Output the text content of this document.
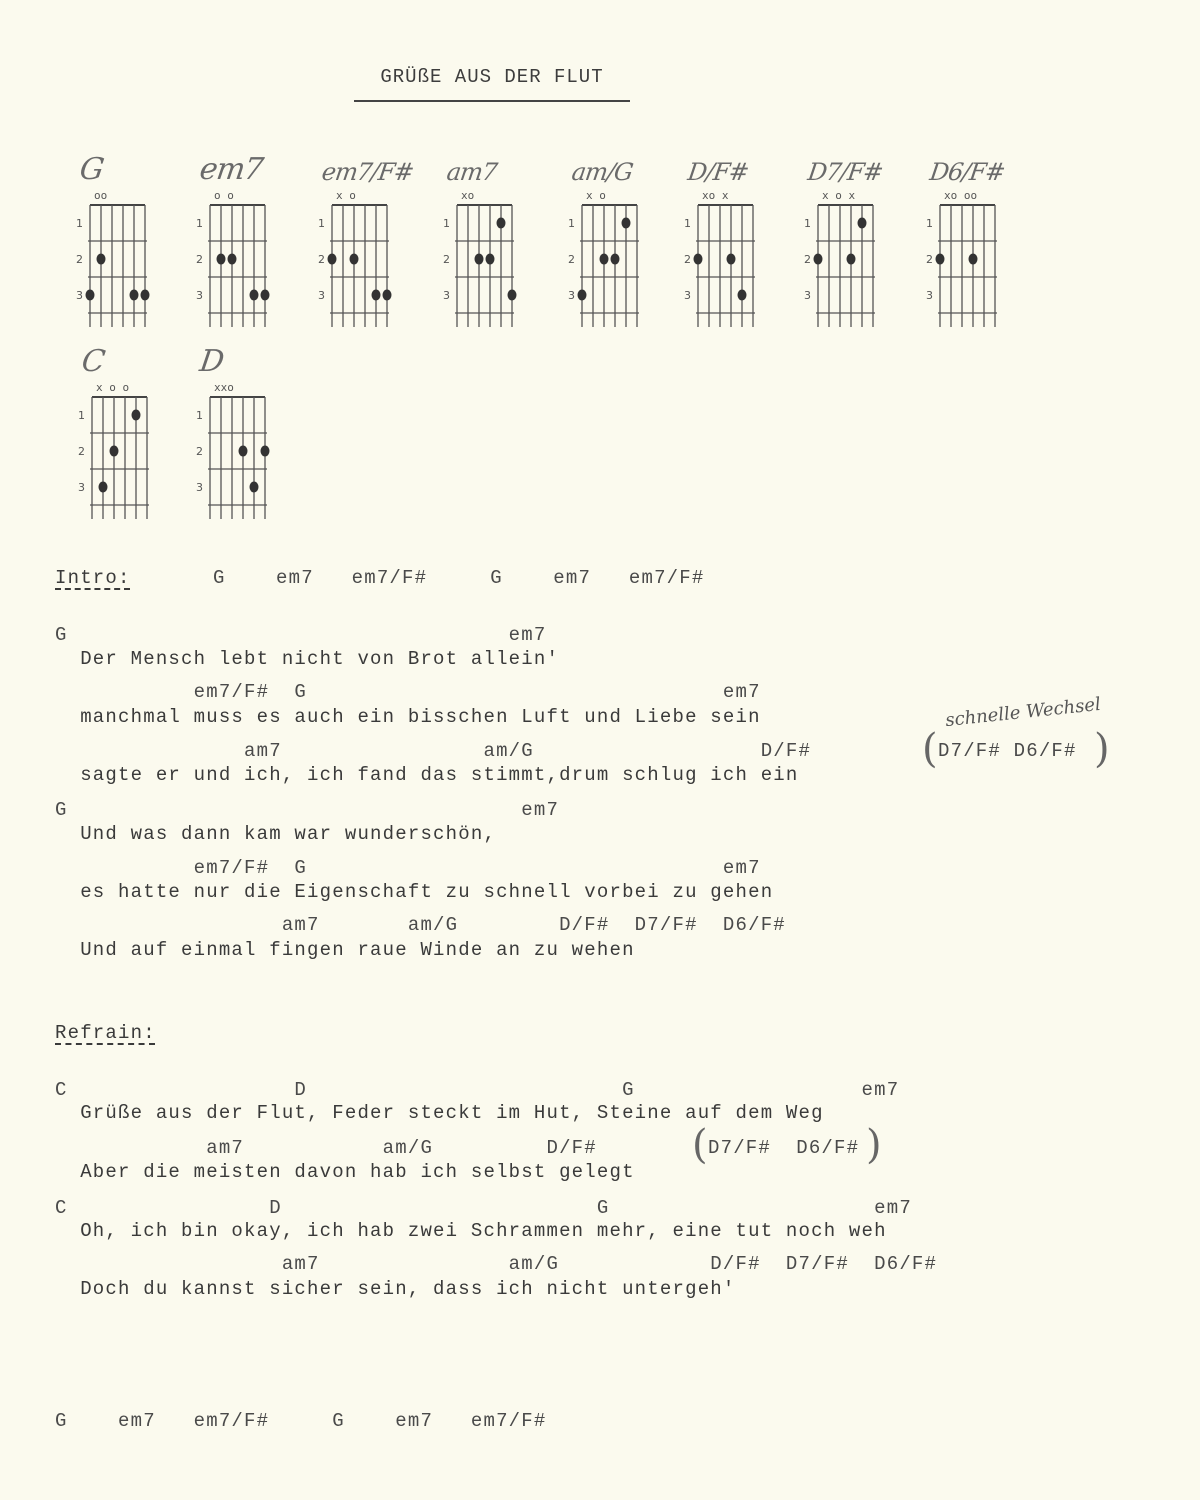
GRÜßE AUS DER FLUT
G
1
2
3
oo
em7
1
2
3
o o
em7/F#
1
2
3
x o
am7
1
2
3
xo
am/G
1
2
3
x o
D/F#
1
2
3
xo x
D7/F#
1
2
3
x o x
D6/F#
1
2
3
xo oo
C
1
2
3
x o o
D
1
2
3
xxo
Intro:	G    em7   em7/F#     G    em7   em7/F#
G                                   em7
Der Mensch lebt nicht von Brot allein'
em7/F#  G                                 em7
manchmal muss es auch ein bisschen Luft und Liebe sein
am7                am/G                  D/F#
sagte er und ich, ich fand das stimmt,drum schlug ich ein
G                                    em7
Und was dann kam war wunderschön,
em7/F#  G                                 em7
es hatte nur die Eigenschaft zu schnell vorbei zu gehen
am7       am/G        D/F#  D7/F#  D6/F#
Und auf einmal fingen raue Winde an zu wehen
schnelle Wechsel
( D7/F# D6/F# )
Refrain:
C                  D                         G                  em7
Grüße aus der Flut, Feder steckt im Hut, Steine auf dem Weg
am7           am/G         D/F#
Aber die meisten davon hab ich selbst gelegt
( D7/F#  D6/F# )
C                D                         G                     em7
Oh, ich bin okay, ich hab zwei Schrammen mehr, eine tut noch weh
am7               am/G            D/F#  D7/F#  D6/F#
Doch du kannst sicher sein, dass ich nicht untergeh'
G    em7   em7/F#     G    em7   em7/F#
